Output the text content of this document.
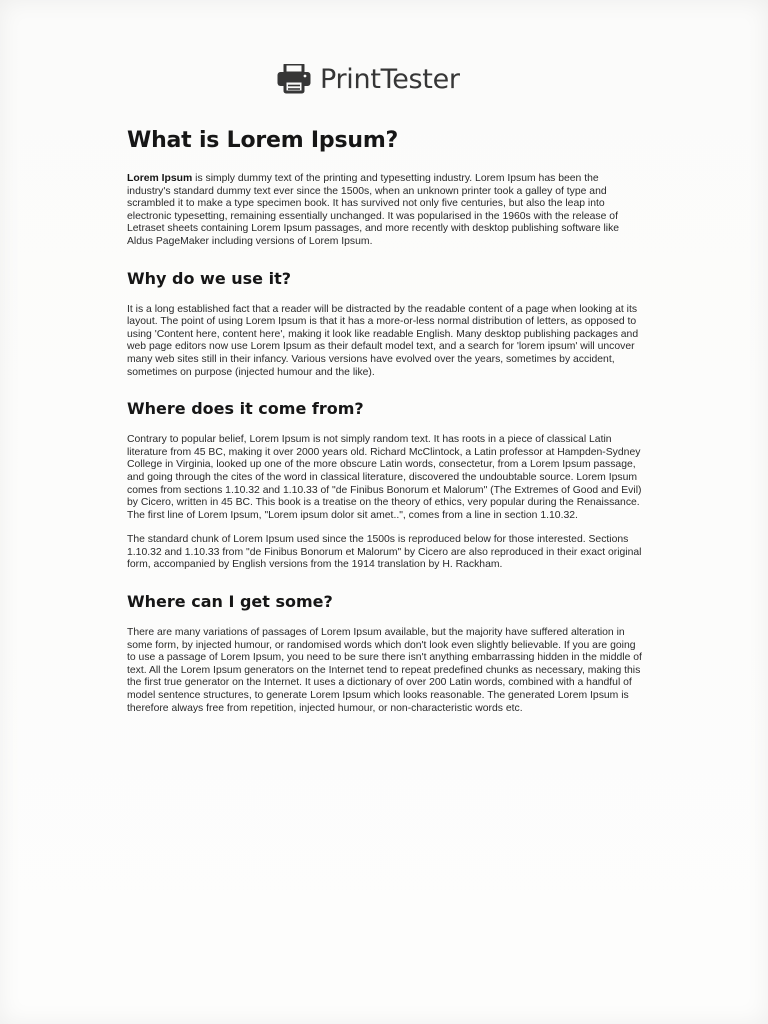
PrintTester
What is Lorem Ipsum?

Lorem Ipsum is simply dummy text of the printing and typesetting industry. Lorem Ipsum has been the industry's standard dummy text ever since the 1500s, when an unknown printer took a galley of type and scrambled it to make a type specimen book. It has survived not only five centuries, but also the leap into electronic typesetting, remaining essentially unchanged. It was popularised in the 1960s with the release of Letraset sheets containing Lorem Ipsum passages, and more recently with desktop publishing software like Aldus PageMaker including versions of Lorem Ipsum.

Why do we use it?

It is a long established fact that a reader will be distracted by the readable content of a page when looking at its layout. The point of using Lorem Ipsum is that it has a more-or-less normal distribution of letters, as opposed to using 'Content here, content here', making it look like readable English. Many desktop publishing packages and web page editors now use Lorem Ipsum as their default model text, and a search for 'lorem ipsum' will uncover many web sites still in their infancy. Various versions have evolved over the years, sometimes by accident, sometimes on purpose (injected humour and the like).

Where does it come from?

Contrary to popular belief, Lorem Ipsum is not simply random text. It has roots in a piece of classical Latin literature from 45 BC, making it over 2000 years old. Richard McClintock, a Latin professor at Hampden-Sydney College in Virginia, looked up one of the more obscure Latin words, consectetur, from a Lorem Ipsum passage, and going through the cites of the word in classical literature, discovered the undoubtable source. Lorem Ipsum comes from sections 1.10.32 and 1.10.33 of "de Finibus Bonorum et Malorum" (The Extremes of Good and Evil) by Cicero, written in 45 BC. This book is a treatise on the theory of ethics, very popular during the Renaissance. The first line of Lorem Ipsum, "Lorem ipsum dolor sit amet..", comes from a line in section 1.10.32.

The standard chunk of Lorem Ipsum used since the 1500s is reproduced below for those interested. Sections 1.10.32 and 1.10.33 from "de Finibus Bonorum et Malorum" by Cicero are also reproduced in their exact original form, accompanied by English versions from the 1914 translation by H. Rackham.

Where can I get some?

There are many variations of passages of Lorem Ipsum available, but the majority have suffered alteration in some form, by injected humour, or randomised words which don't look even slightly believable. If you are going to use a passage of Lorem Ipsum, you need to be sure there isn't anything embarrassing hidden in the middle of text. All the Lorem Ipsum generators on the Internet tend to repeat predefined chunks as necessary, making this the first true generator on the Internet. It uses a dictionary of over 200 Latin words, combined with a handful of model sentence structures, to generate Lorem Ipsum which looks reasonable. The generated Lorem Ipsum is therefore always free from repetition, injected humour, or non-characteristic words etc.
